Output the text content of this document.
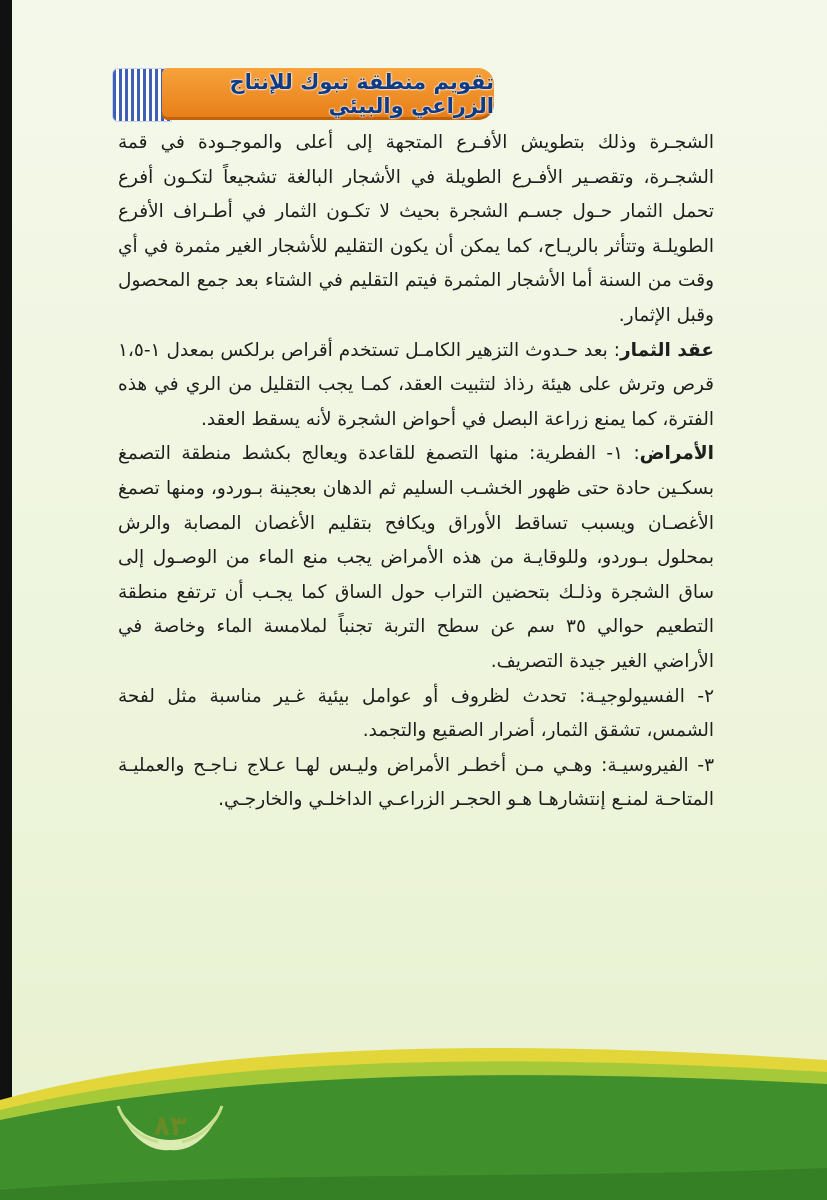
تقويم منطقة تبوك للإنتاج الزراعي والبيئي

الشجـرة وذلك بتطويش الأفـرع المتجهة إلى أعلى والموجـودة في قمة الشجـرة، وتقصـير الأفـرع الطويلة في الأشجار البالغة تشجيعاً لتكـون أفرع تحمل الثمار حـول جسـم الشجرة بحيث لا تكـون الثمار في أطـراف الأفرع الطويلـة وتتأثر بالريـاح، كما يمكن أن يكون التقليم للأشجار الغير مثمرة في أي وقت من السنة أما الأشجار المثمرة فيتم التقليم في الشتاء بعد جمع المحصول وقبل الإثمار.

عقد الثمار: بعد حـدوث التزهير الكامـل تستخدم أقراص برلكس بمعدل ١-١،٥ قرص وترش على هيئة رذاذ لتثبيت العقد، كمـا يجب التقليل من الري في هذه الفترة، كما يمنع زراعة البصل في أحواض الشجرة لأنه يسقط العقد.

الأمراض: ١- الفطرية: منها التصمغ للقاعدة ويعالج بكشط منطقة التصمغ بسكـين حادة حتى ظهور الخشـب السليم ثم الدهان بعجينة بـوردو، ومنها تصمغ الأغصـان ويسبب تساقط الأوراق ويكافح بتقليم الأغصان المصابة والرش بمحلول بـوردو، وللوقايـة من هذه الأمراض يجب منع الماء من الوصـول إلى ساق الشجرة وذلـك بتحضين التراب حول الساق كما يجـب أن ترتفع منطقة التطعيم حوالي ٣٥ سم عن سطح التربة تجنباً لملامسة الماء وخاصة في الأراضي الغير جيدة التصريف.

٢- الفسيولوجيـة: تحدث لظروف أو عوامل بيئية غـير مناسبة مثل لفحة الشمس، تشقق الثمار، أضرار الصقيع والتجمد.

٣- الفيروسيـة: وهـي مـن أخطـر الأمراض وليـس لهـا عـلاج نـاجـح والعمليـة المتاحـة لمنـع إنتشارهـا هـو الحجـر الزراعـي الداخلـي والخارجـي.

٨٣
